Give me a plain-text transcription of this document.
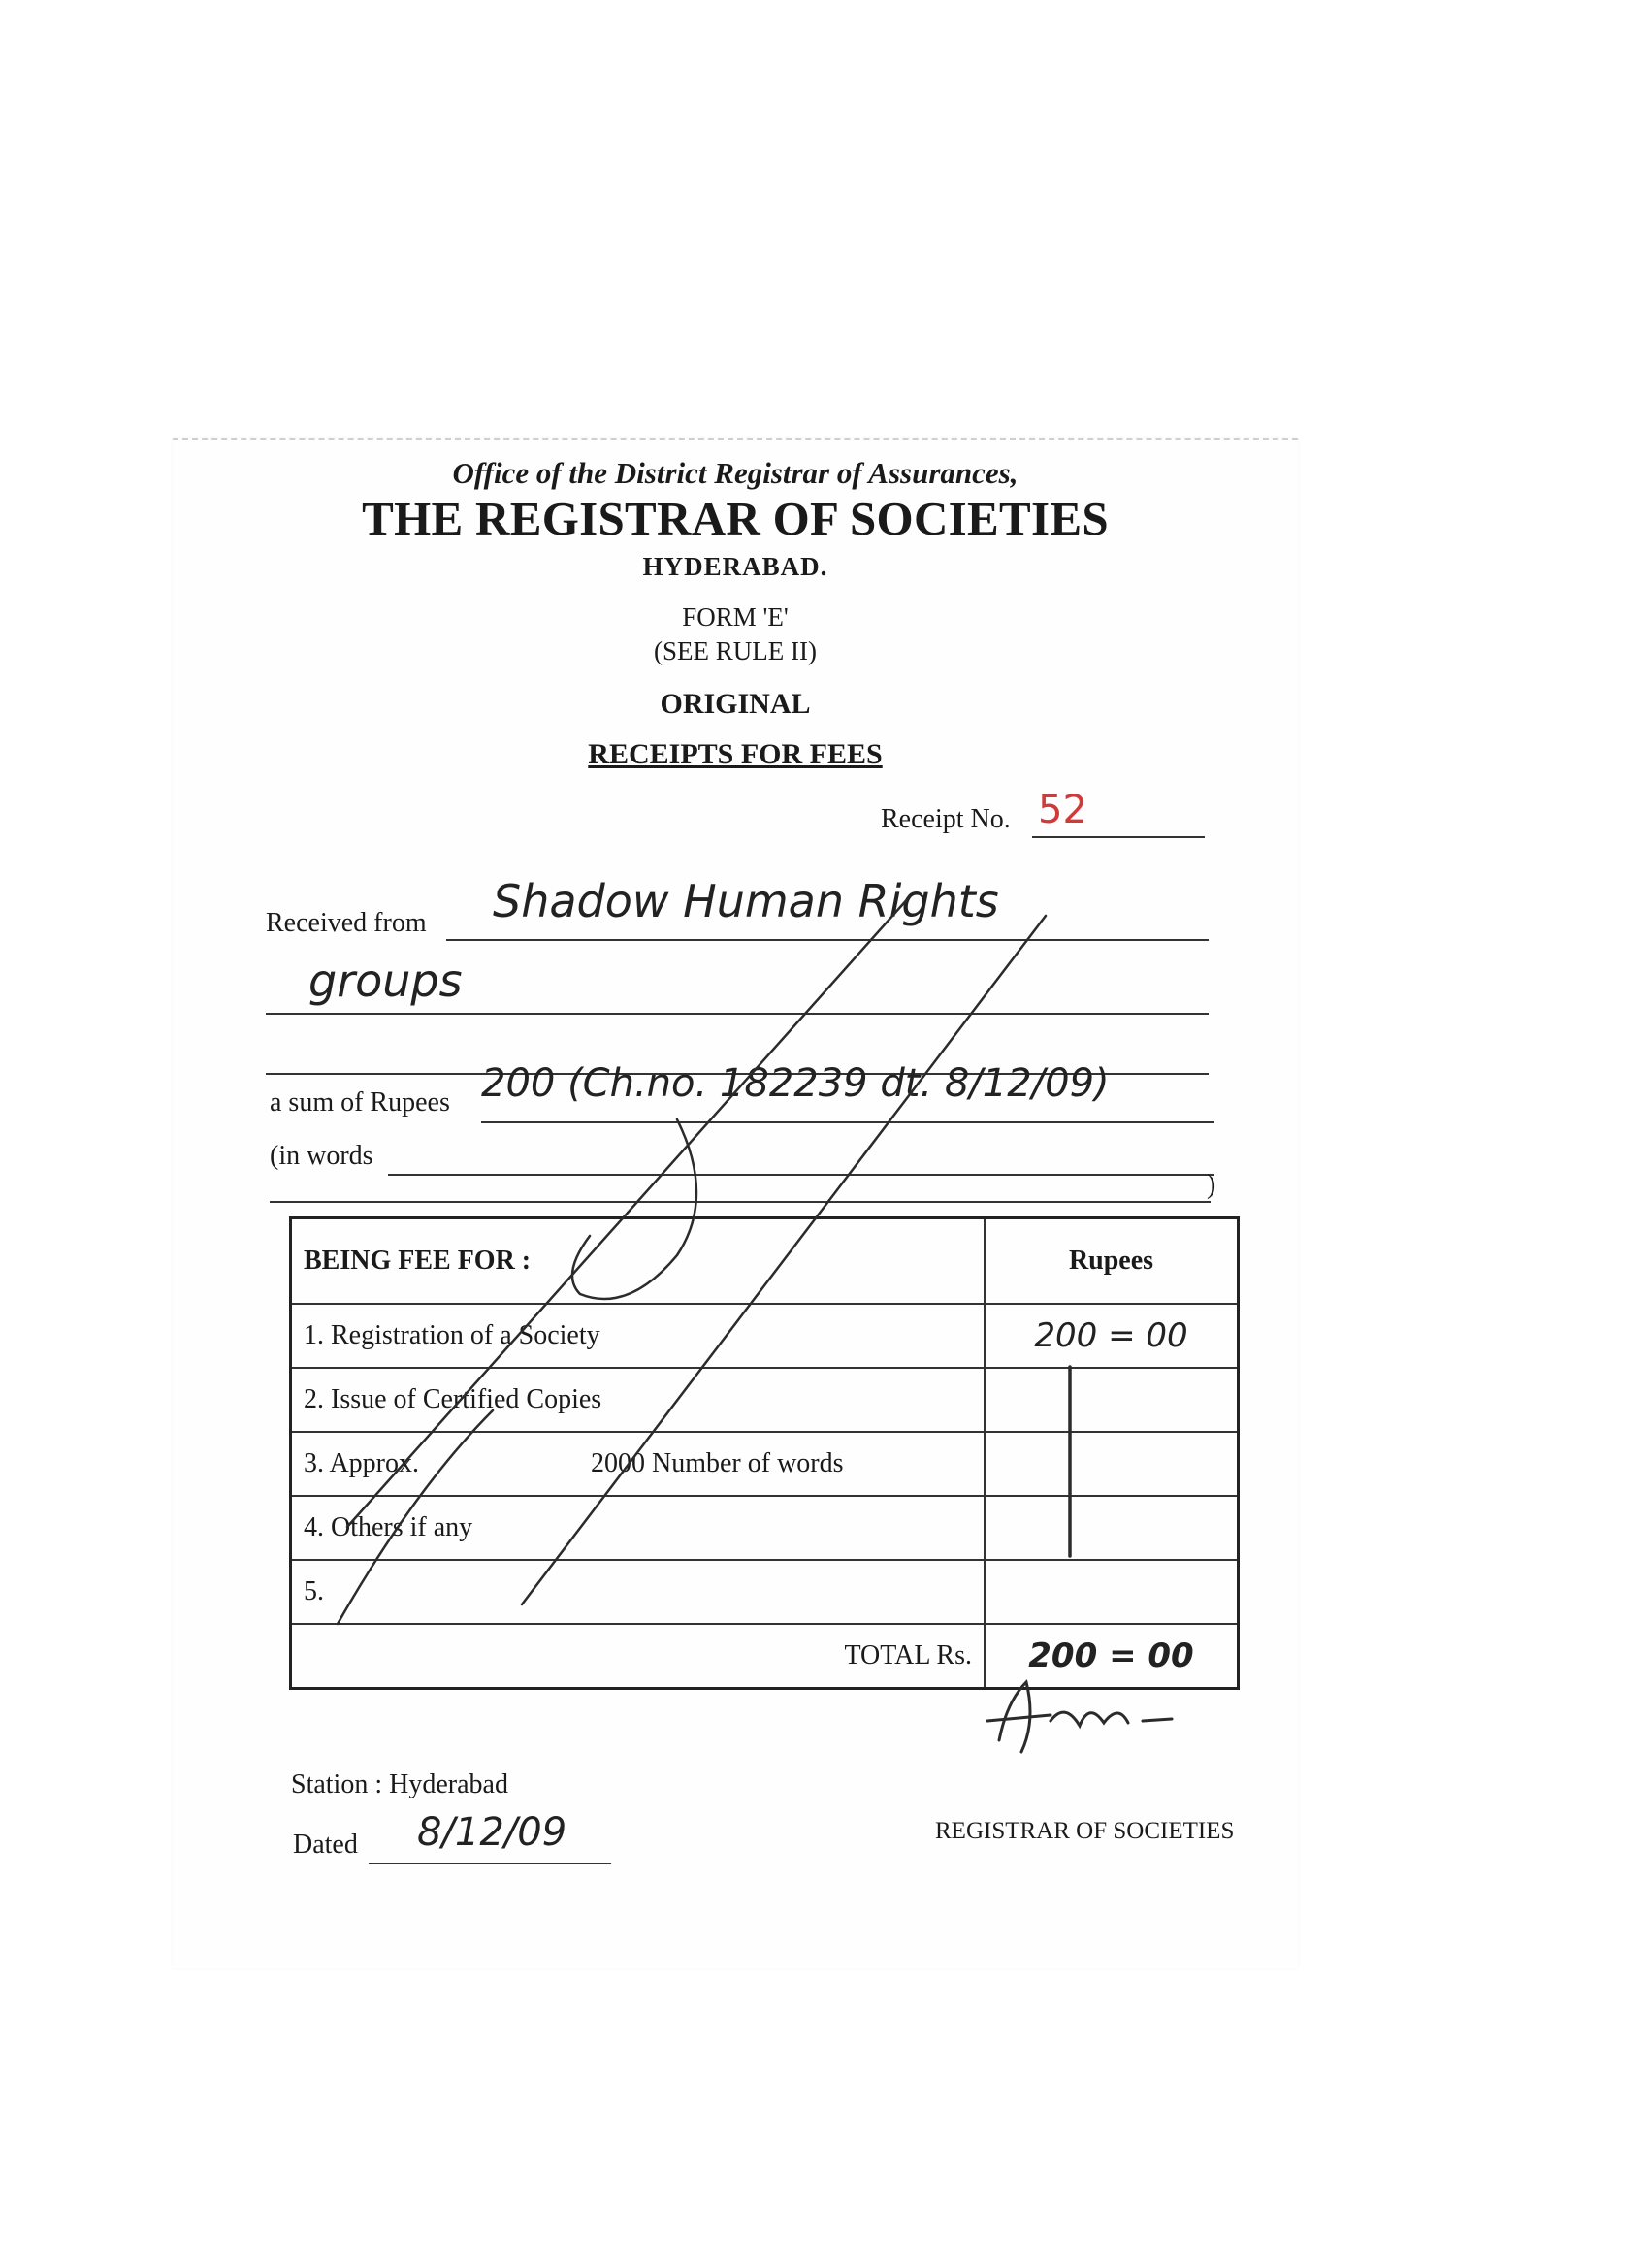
Office of the District Registrar of Assurances,
THE REGISTRAR OF SOCIETIES
HYDERABAD.
FORM 'E'
(SEE RULE II)
ORIGINAL
RECEIPTS FOR FEES
Receipt No. 52
Received from Shadow Human Rights
groups
a sum of Rupees 200 (Ch.no. 182239 dt. 8/12/09)
(in words
)
BEING FEE FOR :	Rupees
1. Registration of a Society	200 = 00
2. Issue of Certified Copies	
3. Approx. 2000 Number of words	
4. Others if any	
5.	
TOTAL Rs.	200 = 00
Station : Hyderabad
Dated 8/12/09	REGISTRAR OF SOCIETIES
